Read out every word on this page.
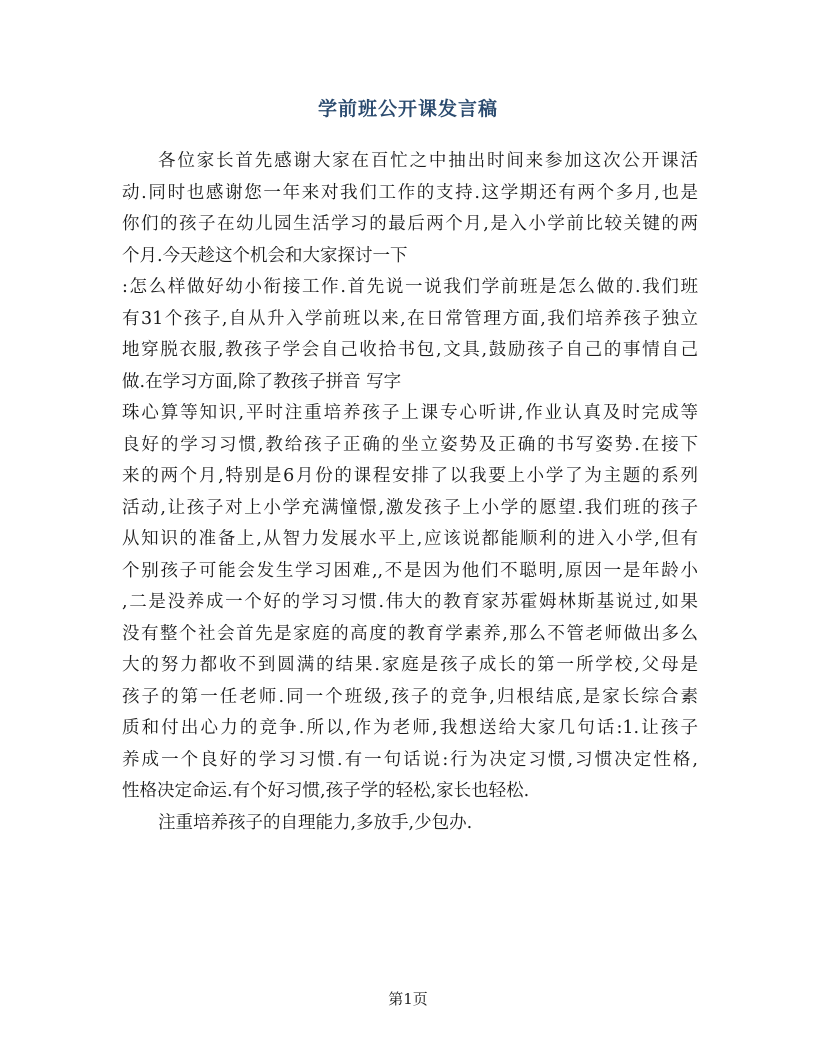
学前班公开课发言稿
各位家长首先感谢大家在百忙之中抽出时间来参加这次公开课活
动.同时也感谢您一年来对我们工作的支持.这学期还有两个多月,也是
你们的孩子在幼儿园生活学习的最后两个月,是入小学前比较关键的两
个月.今天趁这个机会和大家探讨一下
:怎么样做好幼小衔接工作.首先说一说我们学前班是怎么做的.我们班
有31个孩子,自从升入学前班以来,在日常管理方面,我们培养孩子独立
地穿脱衣服,教孩子学会自己收拾书包,文具,鼓励孩子自己的事情自己
做.在学习方面,除了教孩子拼音 写字
珠心算等知识,平时注重培养孩子上课专心听讲,作业认真及时完成等
良好的学习习惯,教给孩子正确的坐立姿势及正确的书写姿势.在接下
来的两个月,特别是6月份的课程安排了以我要上小学了为主题的系列
活动,让孩子对上小学充满憧憬,激发孩子上小学的愿望.我们班的孩子
从知识的准备上,从智力发展水平上,应该说都能顺利的进入小学,但有
个别孩子可能会发生学习困难,,不是因为他们不聪明,原因一是年龄小
,二是没养成一个好的学习习惯.伟大的教育家苏霍姆林斯基说过,如果
没有整个社会首先是家庭的高度的教育学素养,那么不管老师做出多么
大的努力都收不到圆满的结果.家庭是孩子成长的第一所学校,父母是
孩子的第一任老师.同一个班级,孩子的竞争,归根结底,是家长综合素
质和付出心力的竞争.所以,作为老师,我想送给大家几句话:1.让孩子
养成一个良好的学习习惯.有一句话说:行为决定习惯,习惯决定性格,
性格决定命运.有个好习惯,孩子学的轻松,家长也轻松.
注重培养孩子的自理能力,多放手,少包办.
第1页
